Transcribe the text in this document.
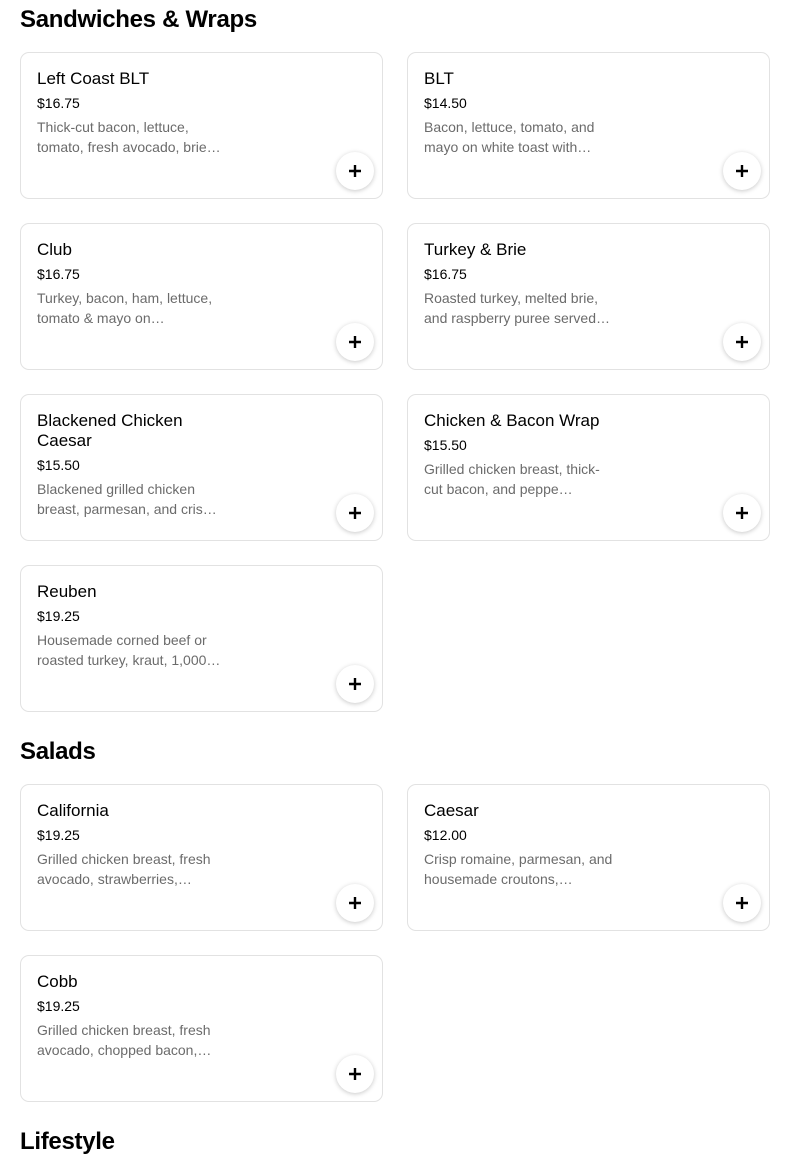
Sandwiches & Wraps
Left Coast BLT
$16.75
Thick-cut bacon, lettuce, tomato, fresh avocado, brie…
BLT
$14.50
Bacon, lettuce, tomato, and mayo on white toast with…
Club
$16.75
Turkey, bacon, ham, lettuce, tomato & mayo on…
Turkey & Brie
$16.75
Roasted turkey, melted brie, and raspberry puree served…
Blackened Chicken Caesar
$15.50
Blackened grilled chicken breast, parmesan, and cris…
Chicken & Bacon Wrap
$15.50
Grilled chicken breast, thick-cut bacon, and peppe…
Reuben
$19.25
Housemade corned beef or roasted turkey, kraut, 1,000…
Salads
California
$19.25
Grilled chicken breast, fresh avocado, strawberries,…
Caesar
$12.00
Crisp romaine, parmesan, and housemade croutons,…
Cobb
$19.25
Grilled chicken breast, fresh avocado, chopped bacon,…
Lifestyle
